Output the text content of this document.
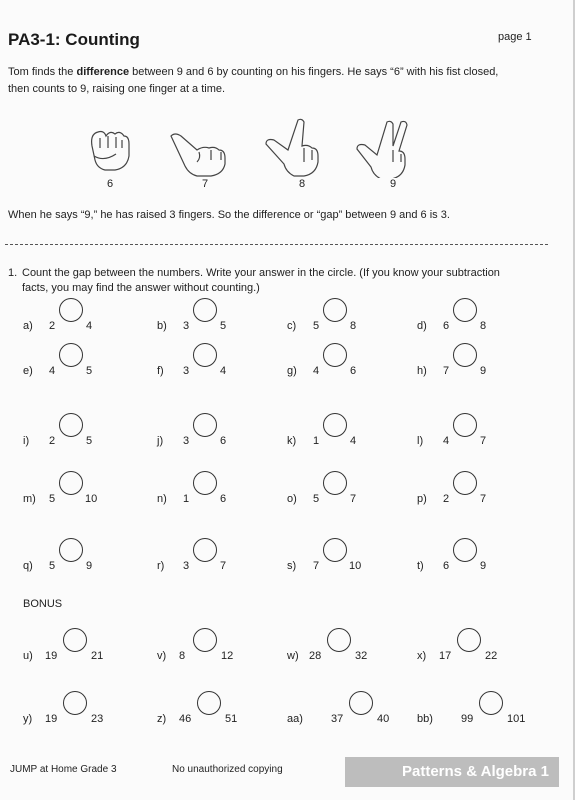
PA3-1: Counting	page 1
Tom finds the difference between 9 and 6 by counting on his fingers. He says “6” with his fist closed,
then counts to 9, raising one finger at a time.
6	7	8	9
When he says “9,” he has raised 3 fingers. So the difference or “gap” between 9 and 6 is 3.
1. Count the gap between the numbers. Write your answer in the circle. (If you know your subtraction
facts, you may find the answer without counting.)
a) 2	4	b) 3	5	c) 5	8	d) 6	8
e) 4	5	f) 3	4	g) 4	6	h) 7	9
i) 2	5	j) 3	6	k) 1	4	l) 4	7
m) 5	10	n) 1	6	o) 5	7	p) 2	7
q) 5	9	r) 3	7	s) 7	10	t) 6	9
BONUS
u) 19	21	v) 8	12	w) 28	32	x) 17	22
y) 19	23	z) 46	51	aa)	37	40	bb)	99	101
JUMP at Home Grade 3	No unauthorized copying	Patterns & Algebra 1
